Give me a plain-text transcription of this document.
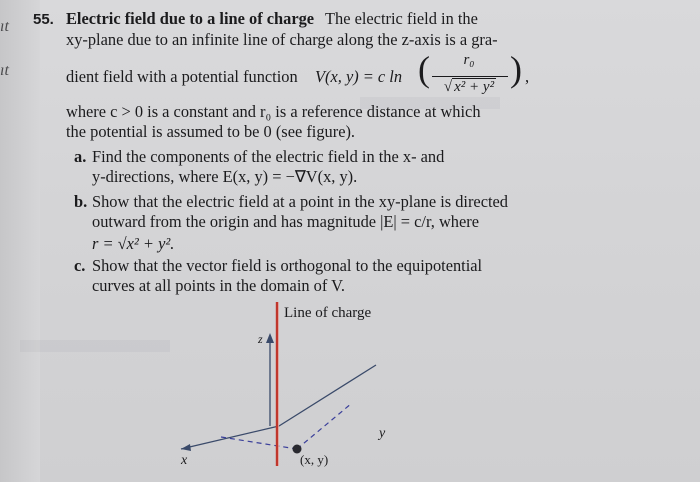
ıt
ıt
55. Electric field due to a line of charge The electric field in the
xy-plane due to an infinite line of charge along the z-axis is a gra-
dient field with a potential function V(x, y) = c ln (	r₀
√ x² + y² ) ,
where c > 0 is a constant and r₀ is a reference distance at which
the potential is assumed to be 0 (see figure).
a. Find the components of the electric field in the x- and
y-directions, where E(x, y) = −∇V(x, y).
b. Show that the electric field at a point in the xy-plane is directed
outward from the origin and has magnitude |E| = c/r, where
r = √x² + y².
c. Show that the vector field is orthogonal to the equipotential
curves at all points in the domain of V.
Line of charge
z
x
y
(x, y)
